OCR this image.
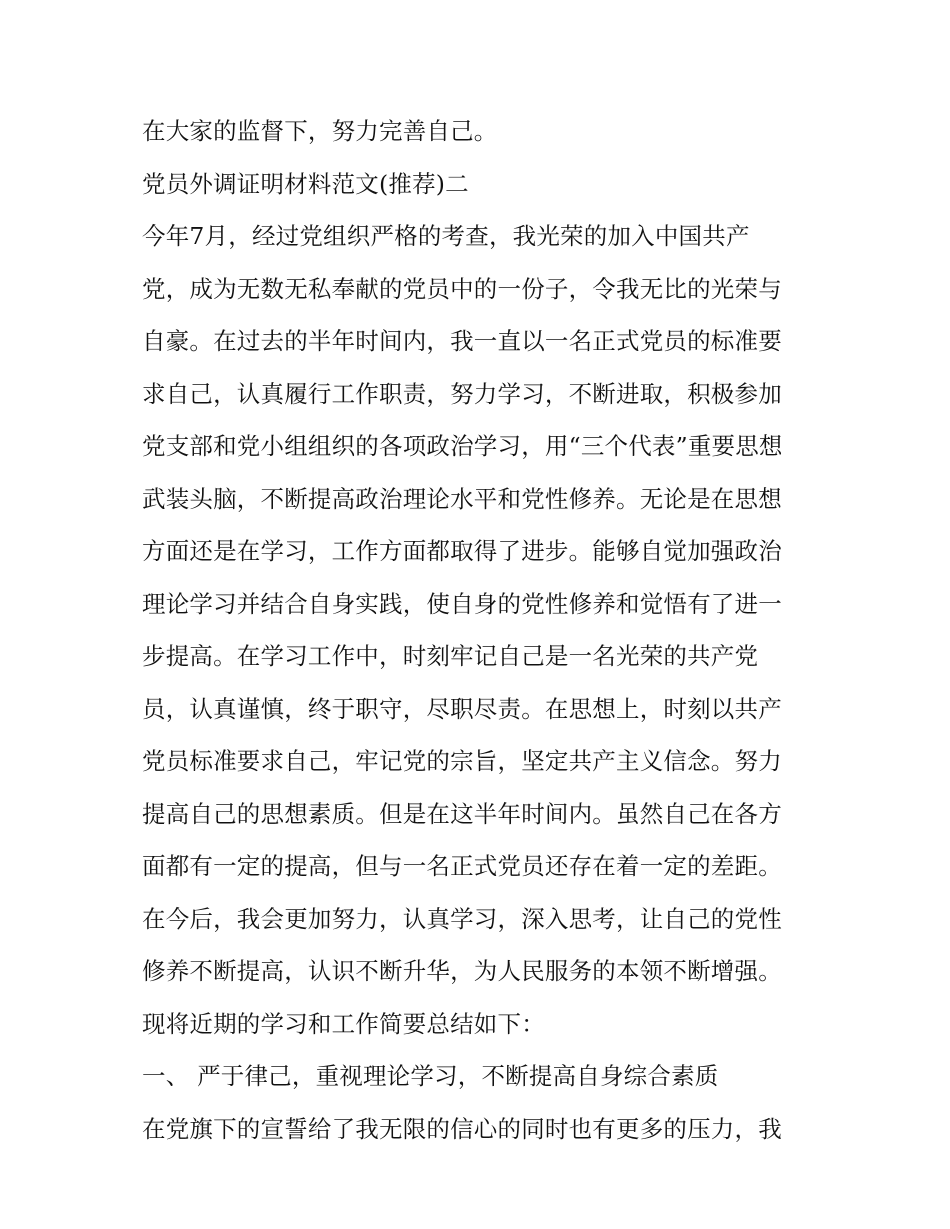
在大家的监督下，努力完善自己。
党员外调证明材料范文(推荐)二
今年7月，经过党组织严格的考查，我光荣的加入中国共产
党，成为无数无私奉献的党员中的一份子，令我无比的光荣与
自豪。在过去的半年时间内，我一直以一名正式党员的标准要
求自己，认真履行工作职责，努力学习，不断进取，积极参加
党支部和党小组组织的各项政治学习，用“三个代表”重要思想
武装头脑，不断提高政治理论水平和党性修养。无论是在思想
方面还是在学习，工作方面都取得了进步。能够自觉加强政治
理论学习并结合自身实践，使自身的党性修养和觉悟有了进一
步提高。在学习工作中，时刻牢记自己是一名光荣的共产党
员，认真谨慎，终于职守，尽职尽责。在思想上，时刻以共产
党员标准要求自己，牢记党的宗旨，坚定共产主义信念。努力
提高自己的思想素质。但是在这半年时间内。虽然自己在各方
面都有一定的提高，但与一名正式党员还存在着一定的差距。
在今后，我会更加努力，认真学习，深入思考，让自己的党性
修养不断提高，认识不断升华，为人民服务的本领不断增强。
现将近期的学习和工作简要总结如下：
一、 严于律己，重视理论学习，不断提高自身综合素质
在党旗下的宣誓给了我无限的信心的同时也有更多的压力，我
